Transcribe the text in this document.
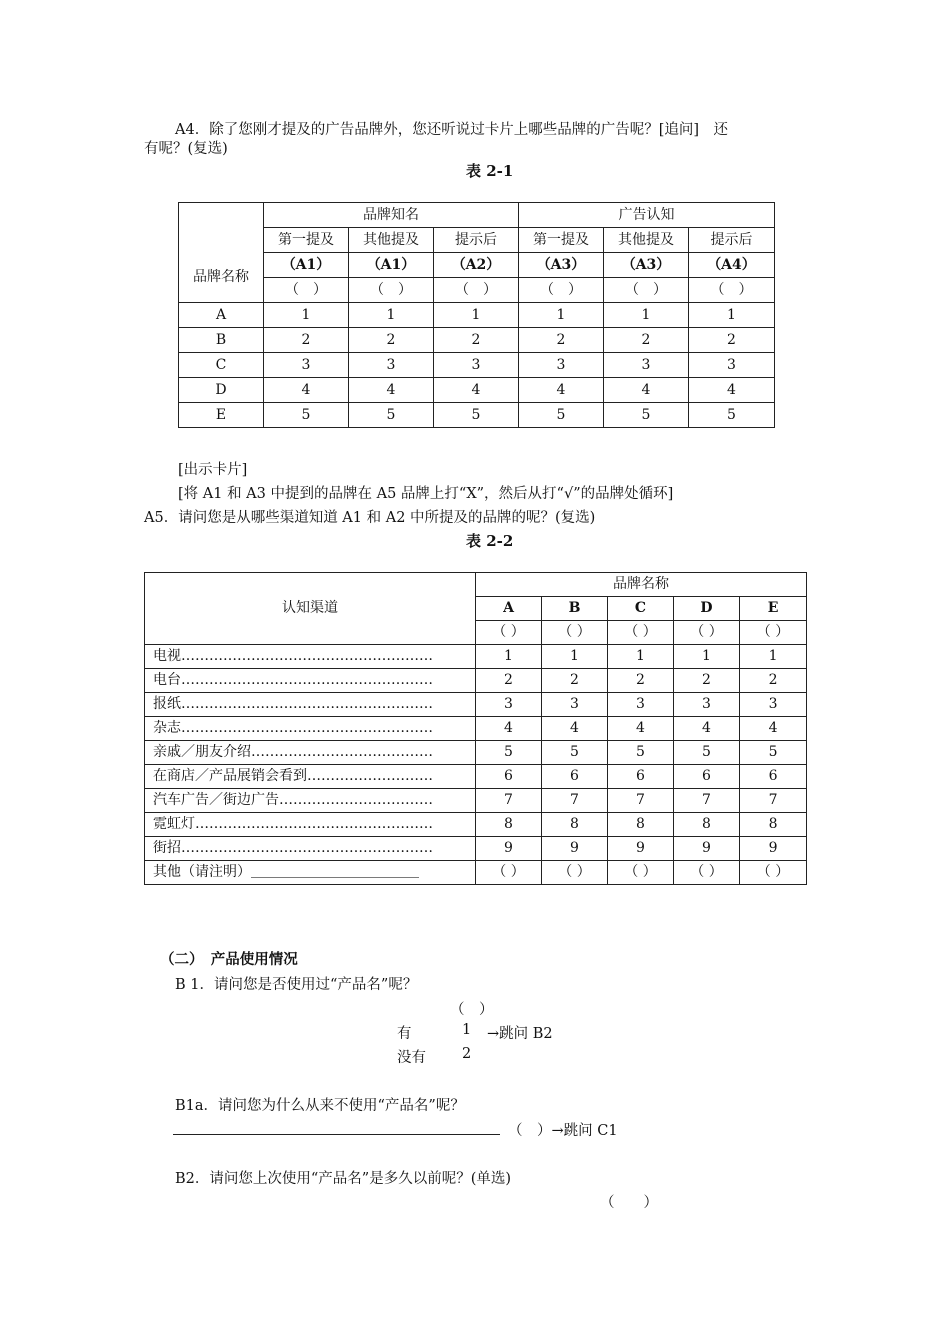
A4．除了您刚才提及的广告品牌外，您还听说过卡片上哪些品牌的广告呢？[追问]　还
有呢？(复选)
表 2-1
	品牌知名			广告认知		
	第一提及	其他提及	提示后	第一提及	其他提及	提示后
品牌名称	（A1）	（A1）	（A2）	（A3）	（A3）	（A4）
	（　）	（　）	（　）	（　）	（　）	（　）
A	1	1	1	1	1	1
B	2	2	2	2	2	2
C	3	3	3	3	3	3
D	4	4	4	4	4	4
E	5	5	5	5	5	5
[出示卡片]
[将 A1 和 A3 中提到的品牌在 A5 品牌上打“X”，然后从打“√”的品牌处循环]
A5．请问您是从哪些渠道知道 A1 和 A2 中所提及的品牌的呢？(复选)
表 2-2
认知渠道	品牌名称				
	A	B	C	D	E
	（ ）	（ ）	（ ）	（ ）	（ ）
电视………………………………………………	1	1	1	1	1
电台………………………………………………	2	2	2	2	2
报纸………………………………………………	3	3	3	3	3
杂志………………………………………………	4	4	4	4	4
亲戚／朋友介绍…………………………………	5	5	5	5	5
在商店／产品展销会看到………………………	6	6	6	6	6
汽车广告／街边广告……………………………	7	7	7	7	7
霓虹灯……………………………………………	8	8	8	8	8
街招………………………………………………	9	9	9	9	9
其他（请注明）＿＿＿＿＿＿＿＿＿＿＿＿	（ ）	（ ）	（ ）	（ ）	（ ）
（二）　产品使用情况
B 1．请问您是否使用过“产品名”呢？
（　）
有	1 →跳问 B2
没有 2
B1a．请问您为什么从来不使用“产品名”呢？
（　）→跳问 C1
B2．请问您上次使用“产品名”是多久以前呢？(单选)
（　　）
